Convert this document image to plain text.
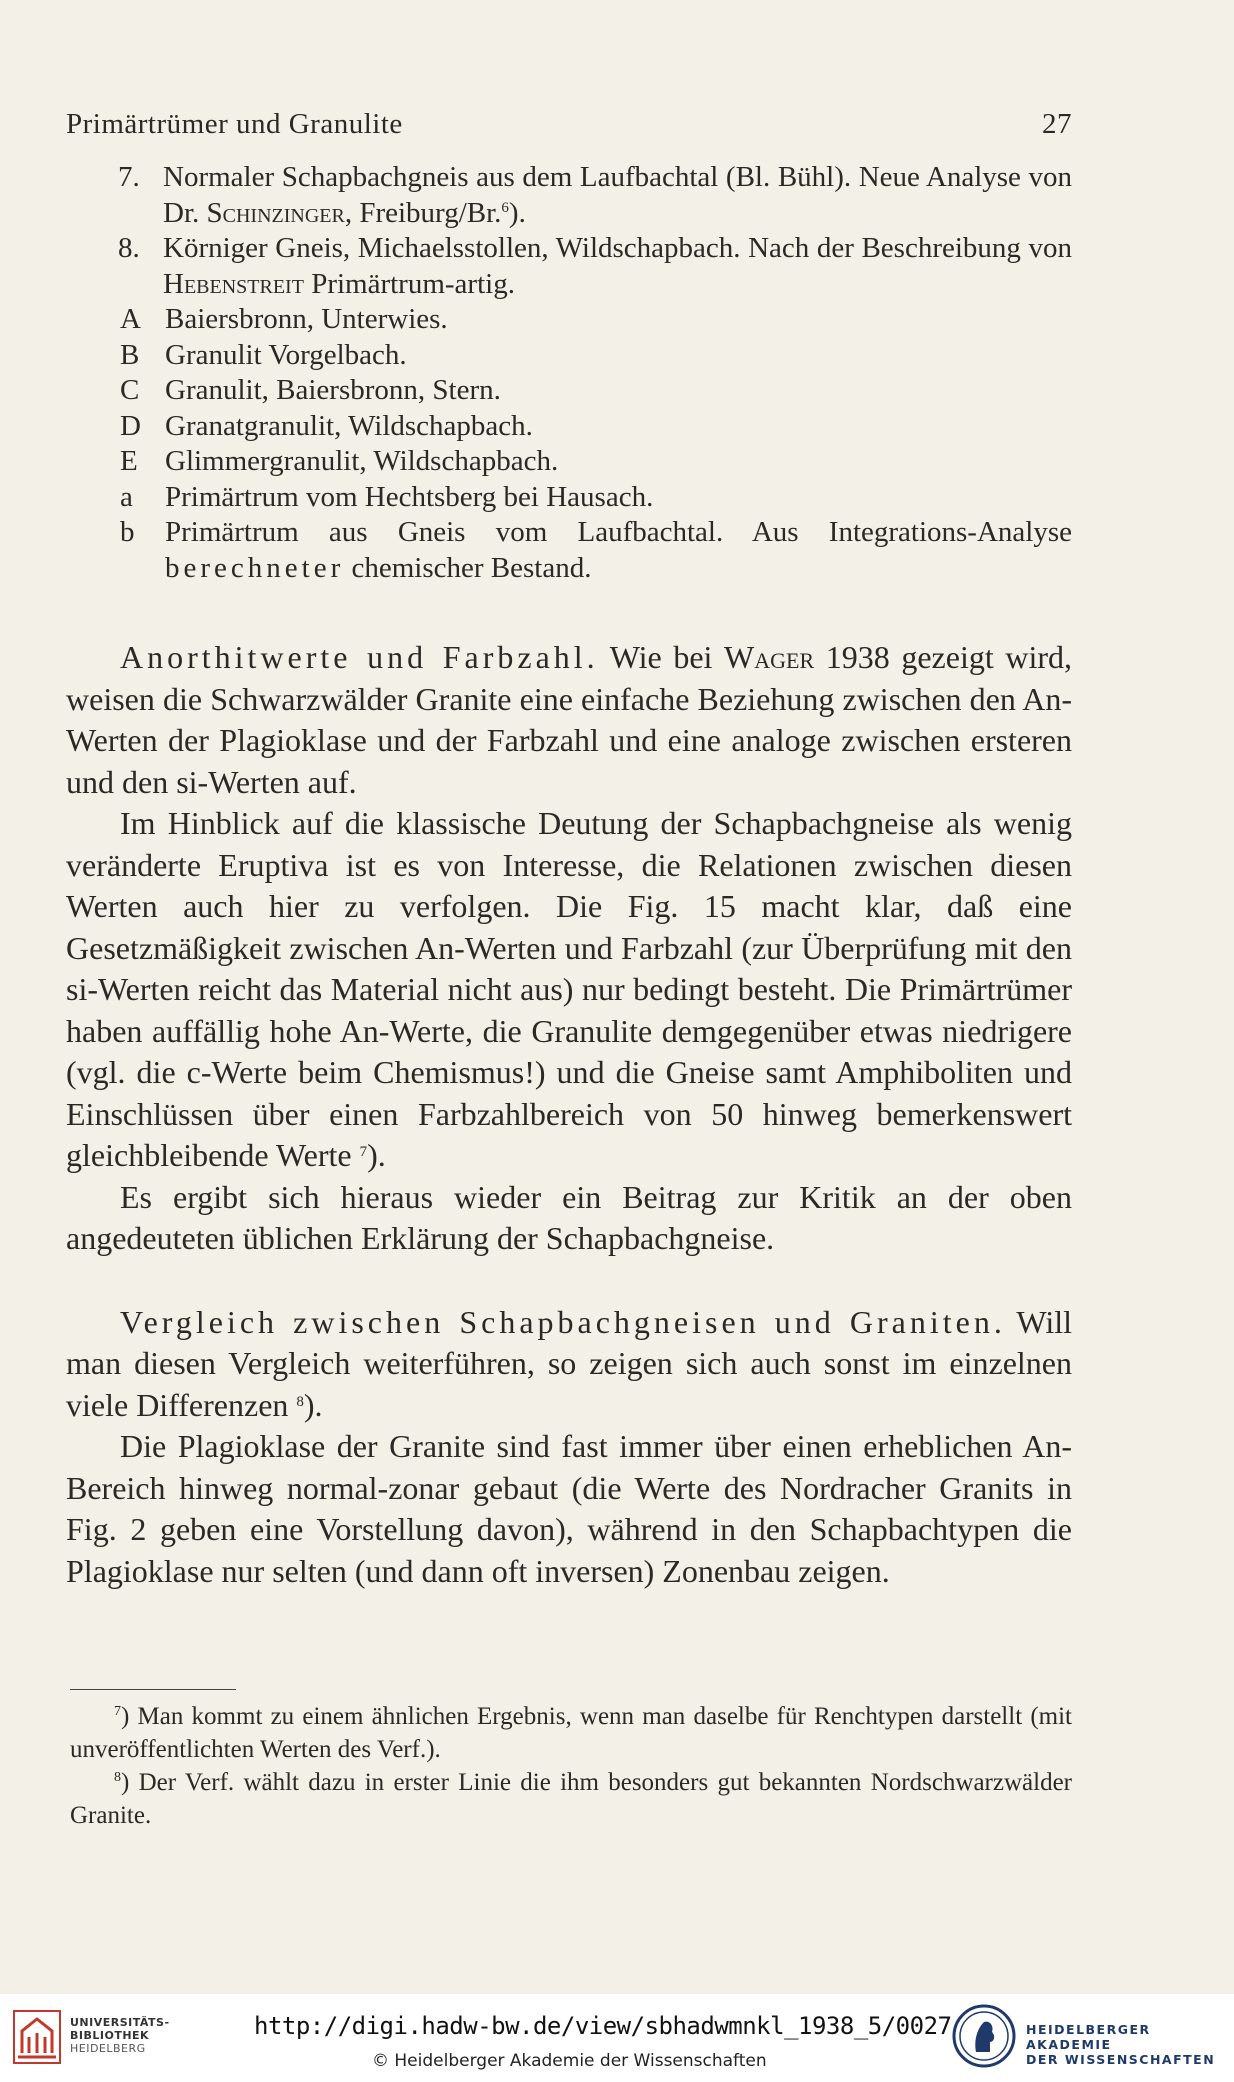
Primärtrümer und Granulite	27
7. Normaler Schapbachgneis aus dem Laufbachtal (Bl. Bühl). Neue Analyse von Dr. Schinzinger, Freiburg/Br.$^6$).
8. Körniger Gneis, Michaelsstollen, Wildschapbach. Nach der Beschreibung von Hebenstreit Primärtrum-artig.
A Baiersbronn, Unterwies.
B Granulit Vorgelbach.
C Granulit, Baiersbronn, Stern.
D Granatgranulit, Wildschapbach.
E Glimmergranulit, Wildschapbach.
a	Primärtrum vom Hechtsberg bei Hausach.
b	Primärtrum aus Gneis vom Laufbachtal. Aus Integrations-Analyse berechneter chemischer Bestand.

Anorthitwerte und Farbzahl. Wie bei Wager 1938 gezeigt wird, weisen die Schwarzwälder Granite eine einfache Beziehung zwischen den An-Werten der Plagioklase und der Farbzahl und eine analoge zwischen ersteren und den si-Werten auf.

Im Hinblick auf die klassische Deutung der Schapbachgneise als wenig veränderte Eruptiva ist es von Interesse, die Relationen zwischen diesen Werten auch hier zu verfolgen. Die Fig. 15 macht klar, daß eine Gesetzmäßigkeit zwischen An-Werten und Farbzahl (zur Überprüfung mit den si-Werten reicht das Material nicht aus) nur bedingt besteht. Die Primärtrümer haben auffällig hohe An-Werte, die Granulite demgegenüber etwas niedrigere (vgl. die c-Werte beim Chemismus!) und die Gneise samt Amphiboliten und Einschlüssen über einen Farbzahlbereich von 50 hinweg bemerkenswert gleichbleibende Werte $^7$).

Es ergibt sich hieraus wieder ein Beitrag zur Kritik an der oben angedeuteten üblichen Erklärung der Schapbachgneise.

Vergleich zwischen Schapbachgneisen und Graniten. Will man diesen Vergleich weiterführen, so zeigen sich auch sonst im einzelnen viele Differenzen $^8$).

Die Plagioklase der Granite sind fast immer über einen erheblichen An-Bereich hinweg normal-zonar gebaut (die Werte des Nordracher Granits in Fig. 2 geben eine Vorstellung davon), während in den Schapbachtypen die Plagioklase nur selten (und dann oft inversen) Zonenbau zeigen.

$^7$) Man kommt zu einem ähnlichen Ergebnis, wenn man daselbe für Renchtypen darstellt (mit unveröffentlichten Werten des Verf.).

$^8$) Der Verf. wählt dazu in erster Linie die ihm besonders gut bekannten Nordschwarzwälder Granite.

UNIVERSITÄTS-
BIBLIOTHEK
HEIDELBERG
http://digi.hadw-bw.de/view/sbhadwmnkl_1938_5/0027
© Heidelberger Akademie der Wissenschaften
HEIDELBERGER AKADEMIE
DER WISSENSCHAFTEN
